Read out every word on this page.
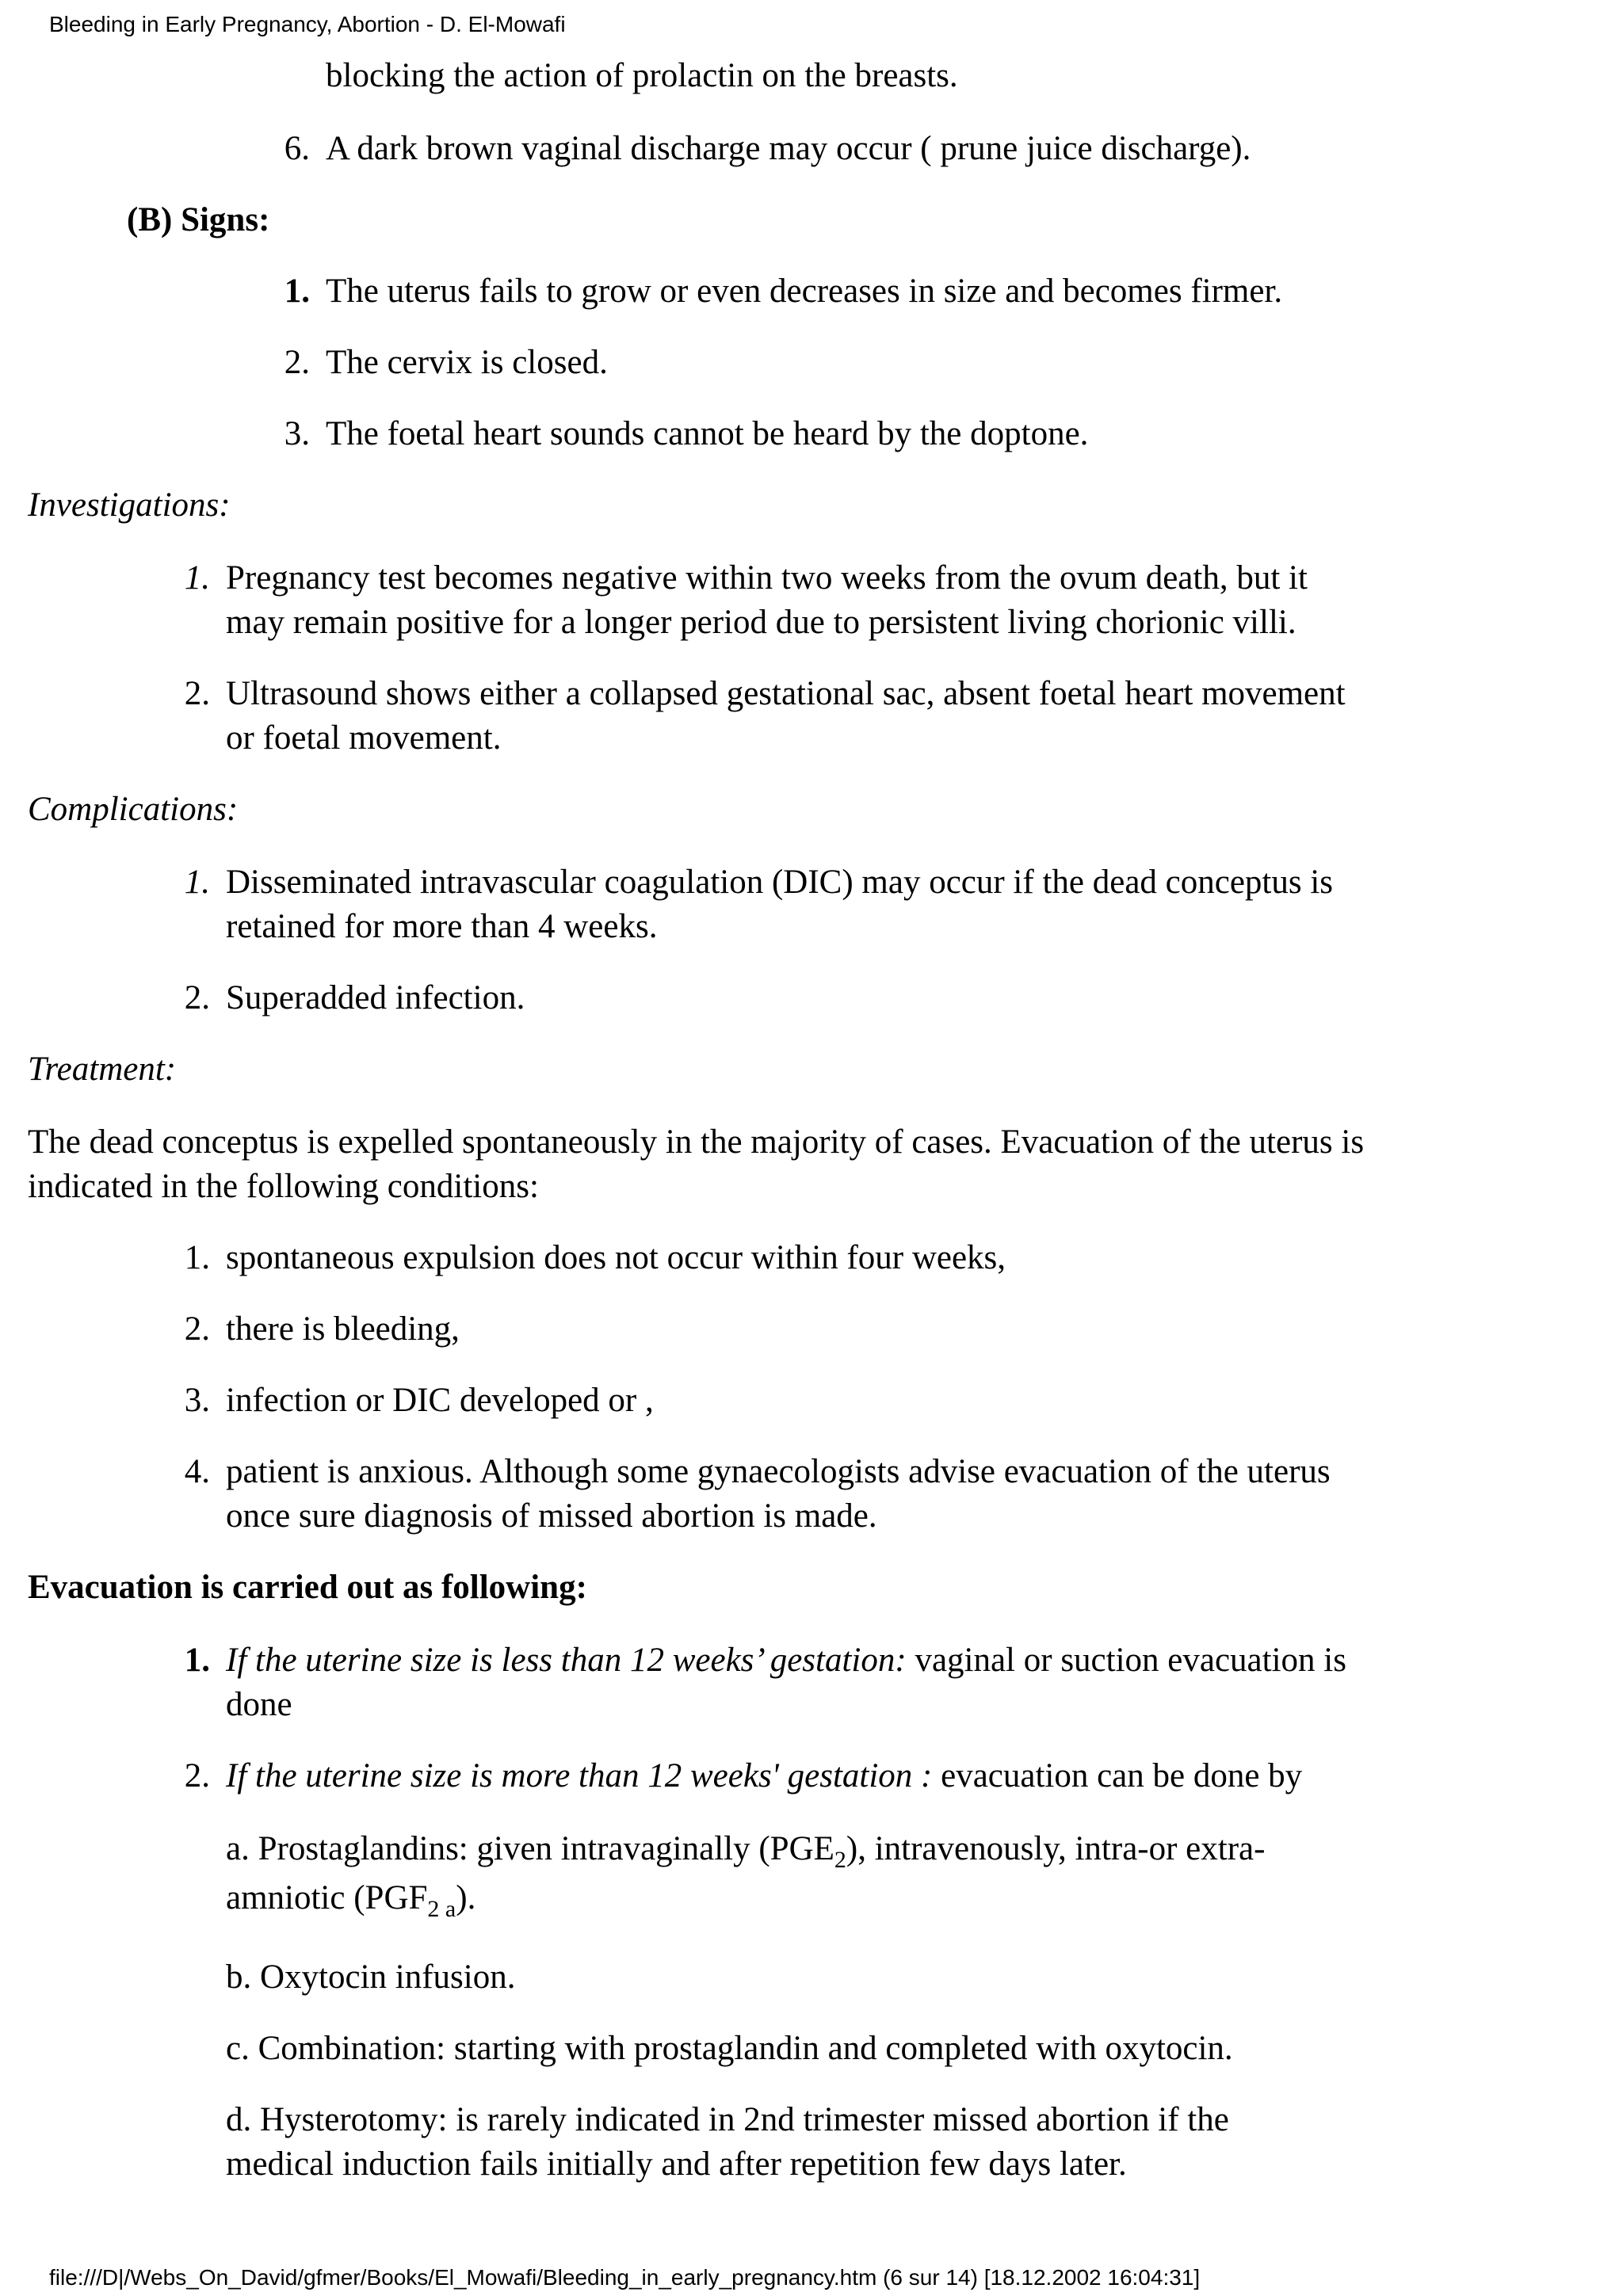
Bleeding in Early Pregnancy, Abortion - D. El-Mowafi
blocking the action of prolactin on the breasts.
6. A dark brown vaginal discharge may occur ( prune juice discharge).
(B) Signs:
1. The uterus fails to grow or even decreases in size and becomes firmer.
2. The cervix is closed.
3. The foetal heart sounds cannot be heard by the doptone.
Investigations:
1. Pregnancy test becomes negative within two weeks from the ovum death, but it
may remain positive for a longer period due to persistent living chorionic villi.
2. Ultrasound shows either a collapsed gestational sac, absent foetal heart movement
or foetal movement.
Complications:
1. Disseminated intravascular coagulation (DIC) may occur if the dead conceptus is
retained for more than 4 weeks.
2. Superadded infection.
Treatment:
The dead conceptus is expelled spontaneously in the majority of cases. Evacuation of the uterus is
indicated in the following conditions:
1. spontaneous expulsion does not occur within four weeks,
2. there is bleeding,
3. infection or DIC developed or ,
4. patient is anxious. Although some gynaecologists advise evacuation of the uterus
once sure diagnosis of missed abortion is made.
Evacuation is carried out as following:
1. If the uterine size is less than 12 weeks’ gestation: vaginal or suction evacuation is
done
2. If the uterine size is more than 12 weeks' gestation : evacuation can be done by
a. Prostaglandins: given intravaginally $(PGE_2)$, intravenously, intra-or extra-
amniotic $(PGF_{2 a})$.
b. Oxytocin infusion.
c. Combination: starting with prostaglandin and completed with oxytocin.
d. Hysterotomy: is rarely indicated in 2nd trimester missed abortion if the
medical induction fails initially and after repetition few days later.
file:///D|/Webs_On_David/gfmer/Books/El_Mowafi/Bleeding_in_early_pregnancy.htm (6 sur 14) [18.12.2002 16:04:31]
